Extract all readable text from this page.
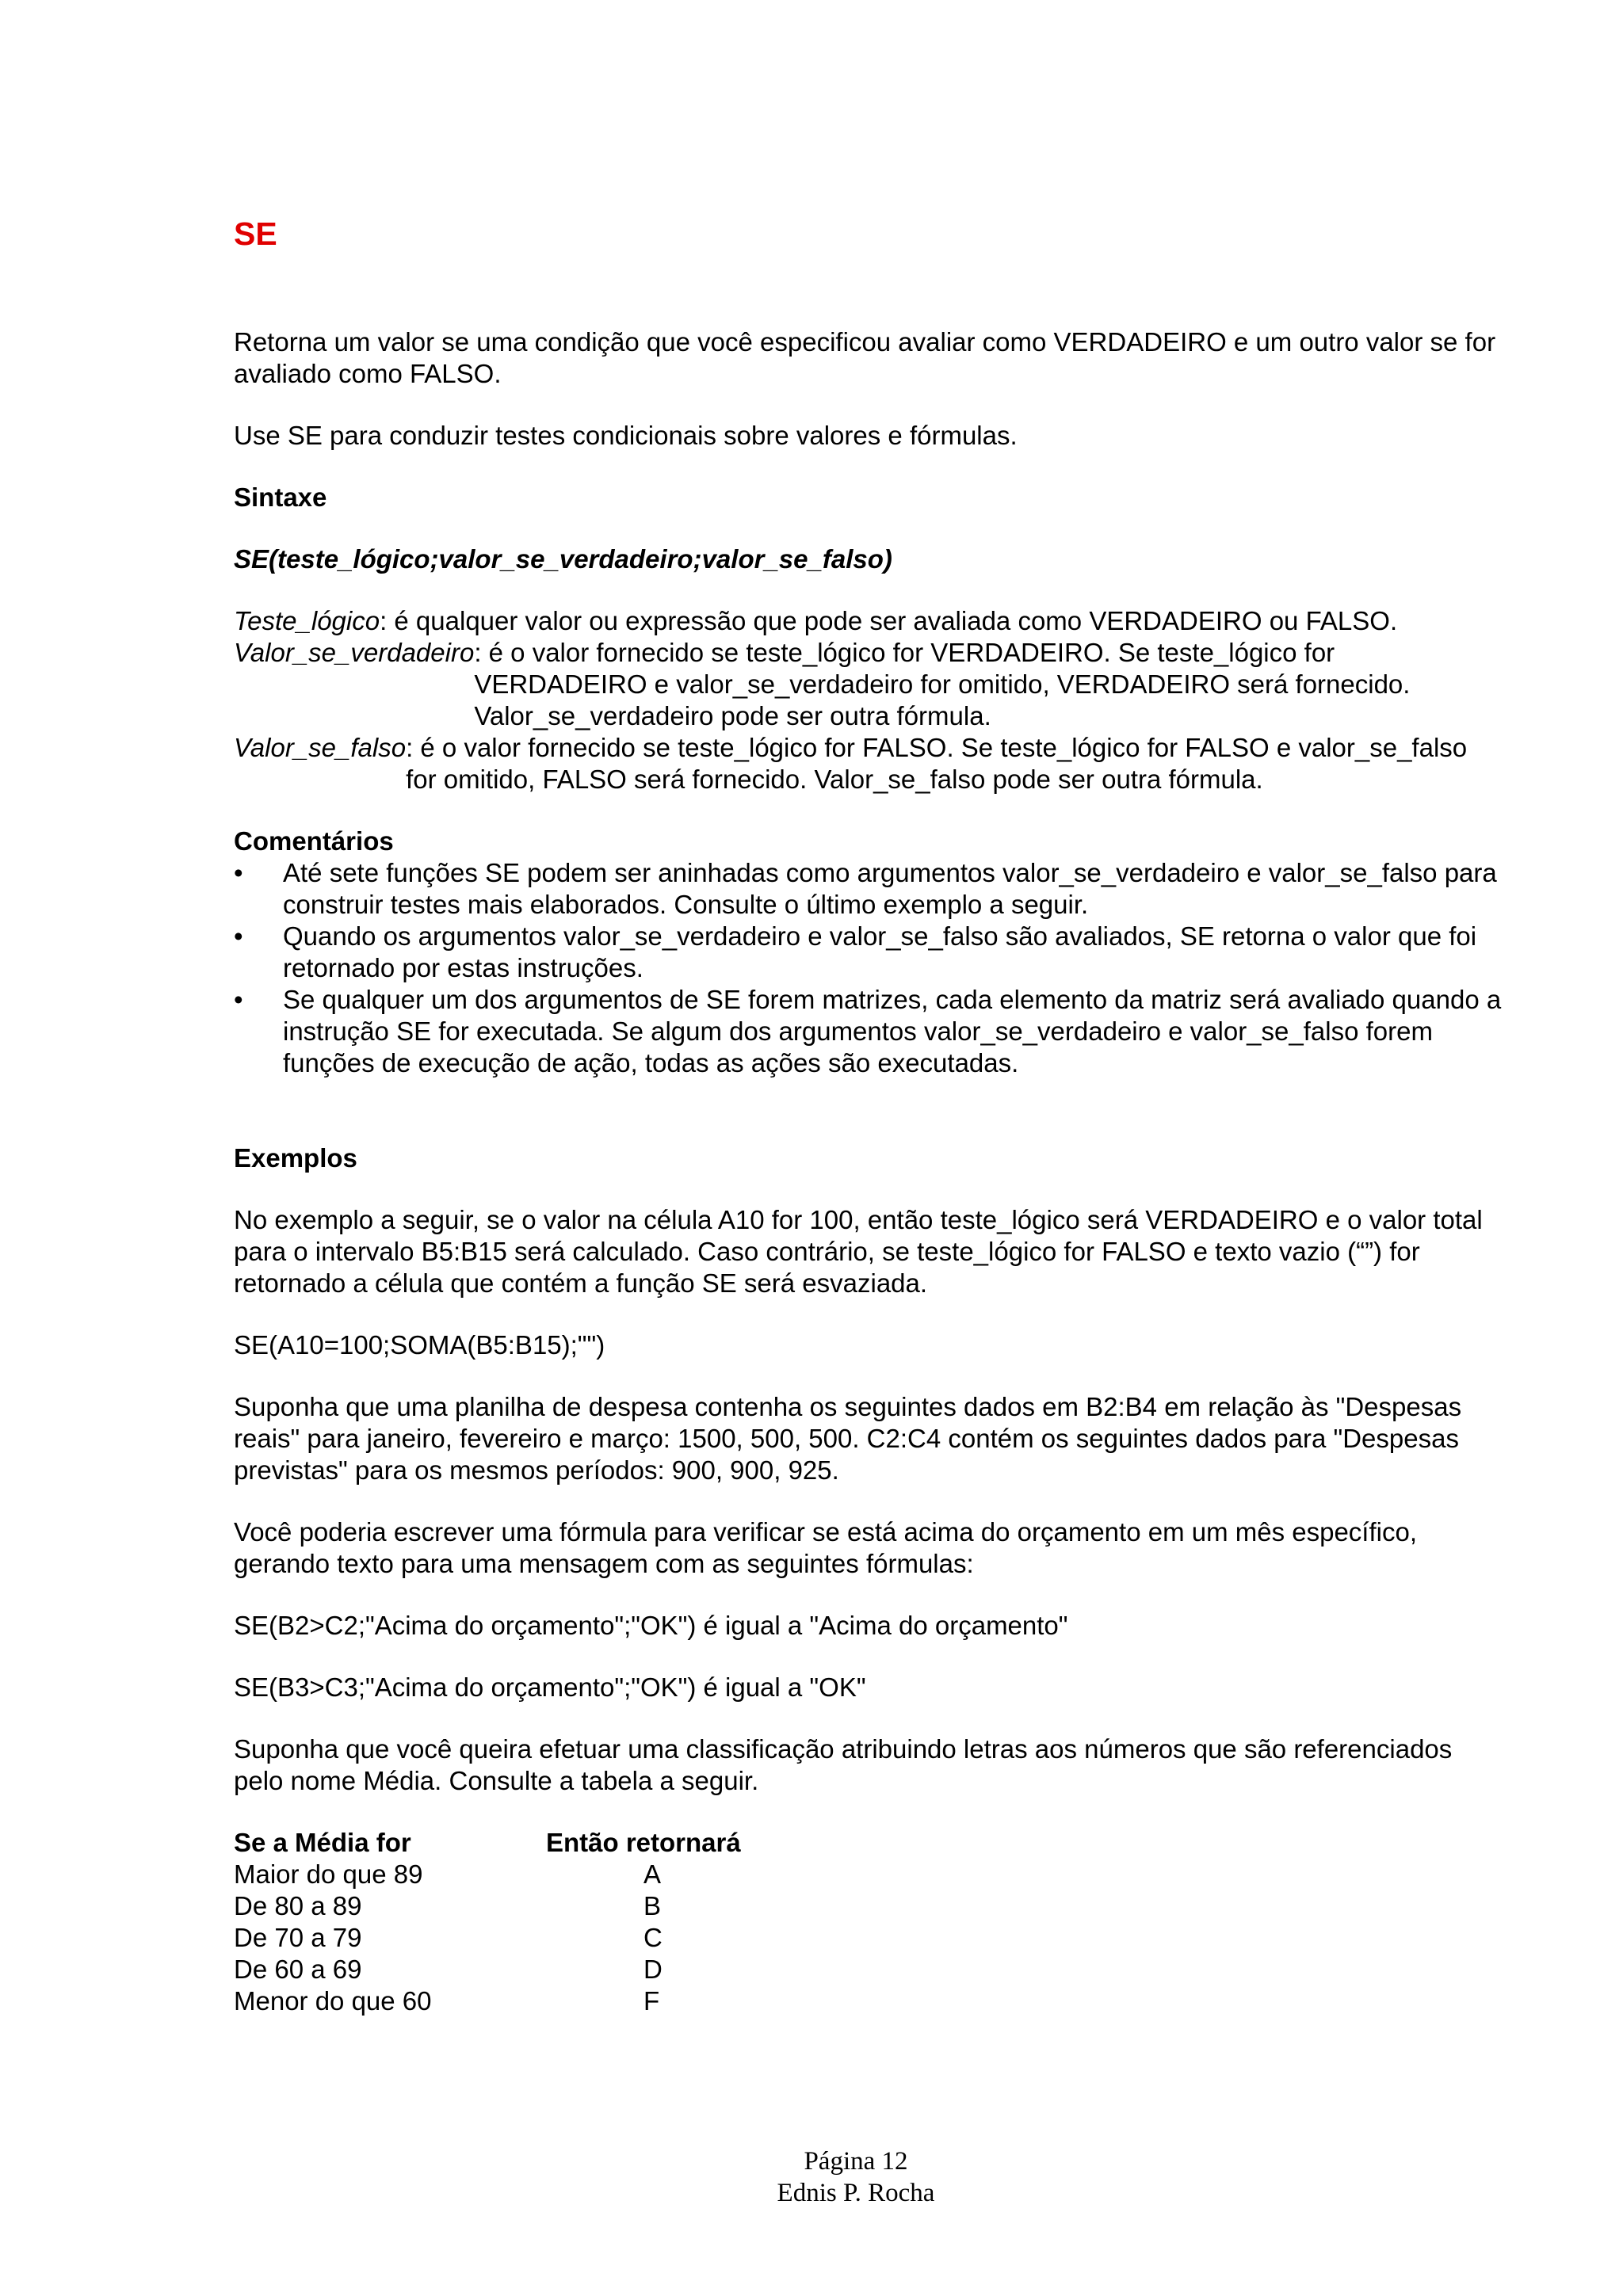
SE

Retorna um valor se uma condição que você especificou avaliar como VERDADEIRO e um outro valor se for avaliado como FALSO.

Use SE para conduzir testes condicionais sobre valores e fórmulas.

Sintaxe

SE(teste_lógico;valor_se_verdadeiro;valor_se_falso)

Teste_lógico : é qualquer valor ou expressão que pode ser avaliada como VERDADEIRO ou FALSO.
Valor_se_verdadeiro : é o valor fornecido se teste_lógico for VERDADEIRO. Se teste_lógico for VERDADEIRO e valor_se_verdadeiro for omitido, VERDADEIRO será fornecido. Valor_se_verdadeiro pode ser outra fórmula.
Valor_se_falso : é o valor fornecido se teste_lógico for FALSO. Se teste_lógico for FALSO e valor_se_falso for omitido, FALSO será fornecido. Valor_se_falso pode ser outra fórmula.

Comentários

• Até sete funções SE podem ser aninhadas como argumentos valor_se_verdadeiro e valor_se_falso para construir testes mais elaborados. Consulte o último exemplo a seguir.
• Quando os argumentos valor_se_verdadeiro e valor_se_falso são avaliados, SE retorna o valor que foi retornado por estas instruções.
• Se qualquer um dos argumentos de SE forem matrizes, cada elemento da matriz será avaliado quando a instrução SE for executada. Se algum dos argumentos valor_se_verdadeiro e valor_se_falso forem funções de execução de ação, todas as ações são executadas.

Exemplos

No exemplo a seguir, se o valor na célula A10 for 100, então teste_lógico será VERDADEIRO e o valor total para o intervalo B5:B15 será calculado. Caso contrário, se teste_lógico for FALSO e texto vazio (“”) for retornado a célula que contém a função SE será esvaziada.

SE(A10=100;SOMA(B5:B15);"")

Suponha que uma planilha de despesa contenha os seguintes dados em B2:B4 em relação às "Despesas reais" para janeiro, fevereiro e março: 1500, 500, 500. C2:C4 contém os seguintes dados para "Despesas previstas" para os mesmos períodos: 900, 900, 925.

Você poderia escrever uma fórmula para verificar se está acima do orçamento em um mês específico, gerando texto para uma mensagem com as seguintes fórmulas:

SE(B2>C2;"Acima do orçamento";"OK") é igual a "Acima do orçamento"

SE(B3>C3;"Acima do orçamento";"OK") é igual a "OK"

Suponha que você queira efetuar uma classificação atribuindo letras aos números que são referenciados pelo nome Média. Consulte a tabela a seguir.

Se a Média for	Então retornará
Maior do que 89	A
De 80 a 89	B
De 70 a 79	C
De 60 a 69	D
Menor do que 60	F
Página 12
Ednis P. Rocha
